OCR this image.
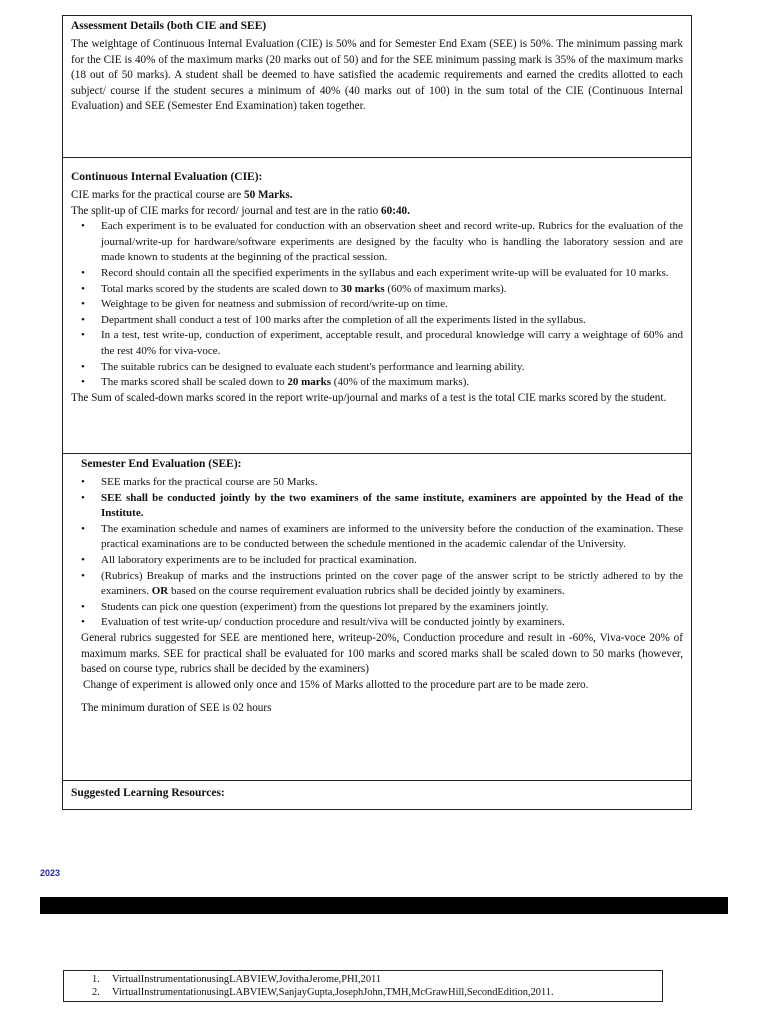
Assessment Details (both CIE and SEE)

The weightage of Continuous Internal Evaluation (CIE) is 50% and for Semester End Exam (SEE) is 50%. The minimum passing mark for the CIE is 40% of the maximum marks (20 marks out of 50) and for the SEE minimum passing mark is 35% of the maximum marks (18 out of 50 marks). A student shall be deemed to have satisfied the academic requirements and earned the credits allotted to each subject/ course if the student secures a minimum of 40% (40 marks out of 100) in the sum total of the CIE (Continuous Internal Evaluation) and SEE (Semester End Examination) taken together.

Continuous Internal Evaluation (CIE):

CIE marks for the practical course are 50 Marks.

The split-up of CIE marks for record/ journal and test are in the ratio 60:40.

• Each experiment is to be evaluated for conduction with an observation sheet and record write-up. Rubrics for the evaluation of the journal/write-up for hardware/software experiments are designed by the faculty who is handling the laboratory session and are made known to students at the beginning of the practical session.
• Record should contain all the specified experiments in the syllabus and each experiment write-up will be evaluated for 10 marks.
• Total marks scored by the students are scaled down to 30 marks (60% of maximum marks).
• Weightage to be given for neatness and submission of record/write-up on time.
• Department shall conduct a test of 100 marks after the completion of all the experiments listed in the syllabus.
• In a test, test write-up, conduction of experiment, acceptable result, and procedural knowledge will carry a weightage of 60% and the rest 40% for viva-voce.
• The suitable rubrics can be designed to evaluate each student's performance and learning ability.
• The marks scored shall be scaled down to 20 marks (40% of the maximum marks).

The Sum of scaled-down marks scored in the report write-up/journal and marks of a test is the total CIE marks scored by the student.

Semester End Evaluation (SEE):
• SEE marks for the practical course are 50 Marks.
• SEE shall be conducted jointly by the two examiners of the same institute, examiners are appointed by the Head of the Institute.
• The examination schedule and names of examiners are informed to the university before the conduction of the examination. These practical examinations are to be conducted between the schedule mentioned in the academic calendar of the University.
• All laboratory experiments are to be included for practical examination.
• (Rubrics) Breakup of marks and the instructions printed on the cover page of the answer script to be strictly adhered to by the examiners. OR based on the course requirement evaluation rubrics shall be decided jointly by examiners.
• Students can pick one question (experiment) from the questions lot prepared by the examiners jointly.
• Evaluation of test write-up/ conduction procedure and result/viva will be conducted jointly by examiners.

General rubrics suggested for SEE are mentioned here, writeup-20%, Conduction procedure and result in -60%, Viva-voce 20% of maximum marks. SEE for practical shall be evaluated for 100 marks and scored marks shall be scaled down to 50 marks (however, based on course type, rubrics shall be decided by the examiners)

Change of experiment is allowed only once and 15% of Marks allotted to the procedure part are to be made zero.

The minimum duration of SEE is 02 hours

Suggested Learning Resources:
2023

1. VirtualInstrumentationusingLABVIEW,JovithaJerome,PHI,2011

2. VirtualInstrumentationusingLABVIEW,SanjayGupta,JosephJohn,TMH,McGrawHill,SecondEdition,2011.
